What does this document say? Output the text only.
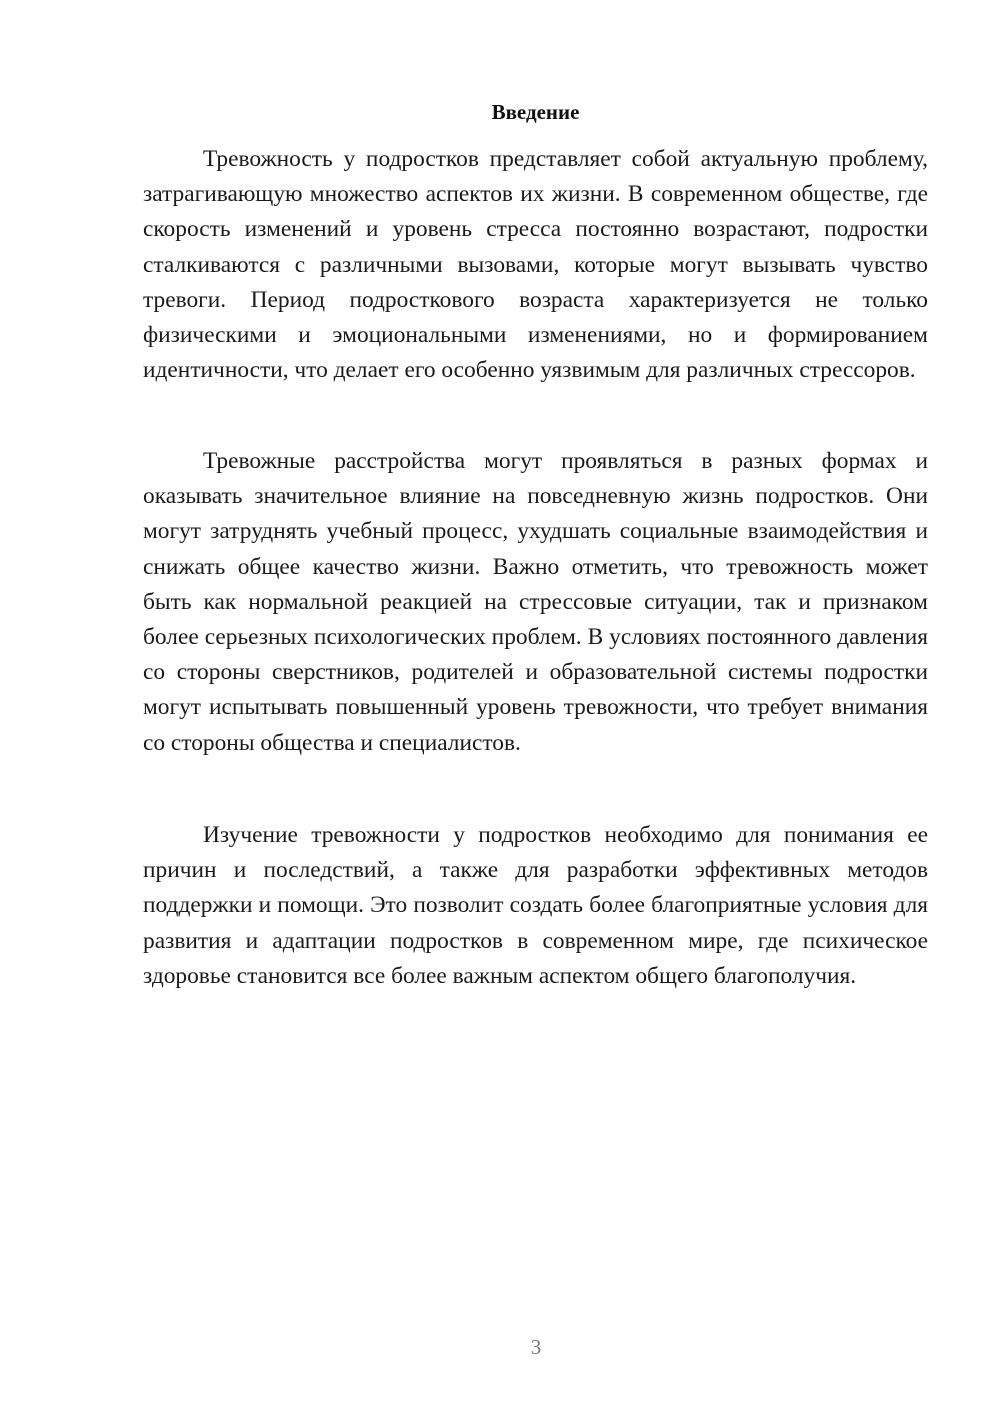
Введение

Тревожность у подростков представляет собой актуальную проблему, затрагивающую множество аспектов их жизни. В современном обществе, где скорость изменений и уровень стресса постоянно возрастают, подростки сталкиваются с различными вызовами, которые могут вызывать чувство тревоги. Период подросткового возраста характеризуется не только физическими и эмоциональными изменениями, но и формированием идентичности, что делает его особенно уязвимым для различных стрессоров.

Тревожные расстройства могут проявляться в разных формах и оказывать значительное влияние на повседневную жизнь подростков. Они могут затруднять учебный процесс, ухудшать социальные взаимодействия и снижать общее качество жизни. Важно отметить, что тревожность может быть как нормальной реакцией на стрессовые ситуации, так и признаком более серьезных психологических проблем. В условиях постоянного давления со стороны сверстников, родителей и образовательной системы подростки могут испытывать повышенный уровень тревожности, что требует внимания со стороны общества и специалистов.

Изучение тревожности у подростков необходимо для понимания ее причин и последствий, а также для разработки эффективных методов поддержки и помощи. Это позволит создать более благоприятные условия для развития и адаптации подростков в современном мире, где психическое здоровье становится все более важным аспектом общего благополучия.

3
